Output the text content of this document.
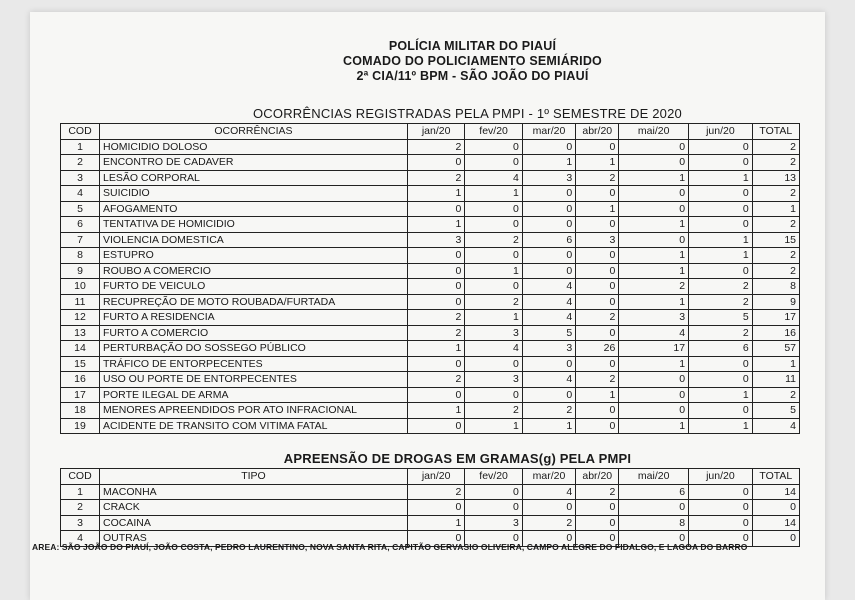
POLÍCIA MILITAR DO PIAUÍ
COMADO DO POLICIAMENTO SEMIÁRIDO
2ª CIA/11º BPM - SÃO JOÃO DO PIAUÍ
OCORRÊNCIAS REGISTRADAS PELA PMPI - 1º SEMESTRE DE 2020
COD	OCORRÊNCIAS	jan/20	fev/20	mar/20	abr/20	mai/20	jun/20	TOTAL
1	HOMICIDIO DOLOSO	2	0	0	0	0	0	2
2	ENCONTRO DE CADAVER	0	0	1	1	0	0	2
3	LESÃO CORPORAL	2	4	3	2	1	1	13
4	SUICIDIO	1	1	0	0	0	0	2
5	AFOGAMENTO	0	0	0	1	0	0	1
6	TENTATIVA DE HOMICIDIO	1	0	0	0	1	0	2
7	VIOLENCIA DOMESTICA	3	2	6	3	0	1	15
8	ESTUPRO	0	0	0	0	1	1	2
9	ROUBO A COMERCIO	0	1	0	0	1	0	2
10	FURTO DE VEICULO	0	0	4	0	2	2	8
11	RECUPREÇÃO DE MOTO ROUBADA/FURTADA	0	2	4	0	1	2	9
12	FURTO A RESIDENCIA	2	1	4	2	3	5	17
13	FURTO A COMERCIO	2	3	5	0	4	2	16
14	PERTURBAÇÃO DO SOSSEGO PÚBLICO	1	4	3	26	17	6	57
15	TRÁFICO DE ENTORPECENTES	0	0	0	0	1	0	1
16	USO OU PORTE DE ENTORPECENTES	2	3	4	2	0	0	11
17	PORTE ILEGAL DE ARMA	0	0	0	1	0	1	2
18	MENORES APREENDIDOS POR ATO INFRACIONAL	1	2	2	0	0	0	5
19	ACIDENTE DE TRANSITO COM VITIMA FATAL	0	1	1	0	1	1	4
APREENSÃO DE DROGAS EM GRAMAS(g) PELA PMPI
COD	TIPO	jan/20	fev/20	mar/20	abr/20	mai/20	jun/20	TOTAL
1	MACONHA	2	0	4	2	6	0	14
2	CRACK	0	0	0	0	0	0	0
3	COCAINA	1	3	2	0	8	0	14
4	OUTRAS	0	0	0	0	0	0	0
AREA: SÃO JOÃO DO PIAUÍ, JOÃO COSTA, PEDRO LAURENTINO, NOVA SANTA RITA, CAPITÃO GERVASIO OLIVEIRA, CAMPO ALEGRE DO FIDALGO, E LAGOA DO BARRO
